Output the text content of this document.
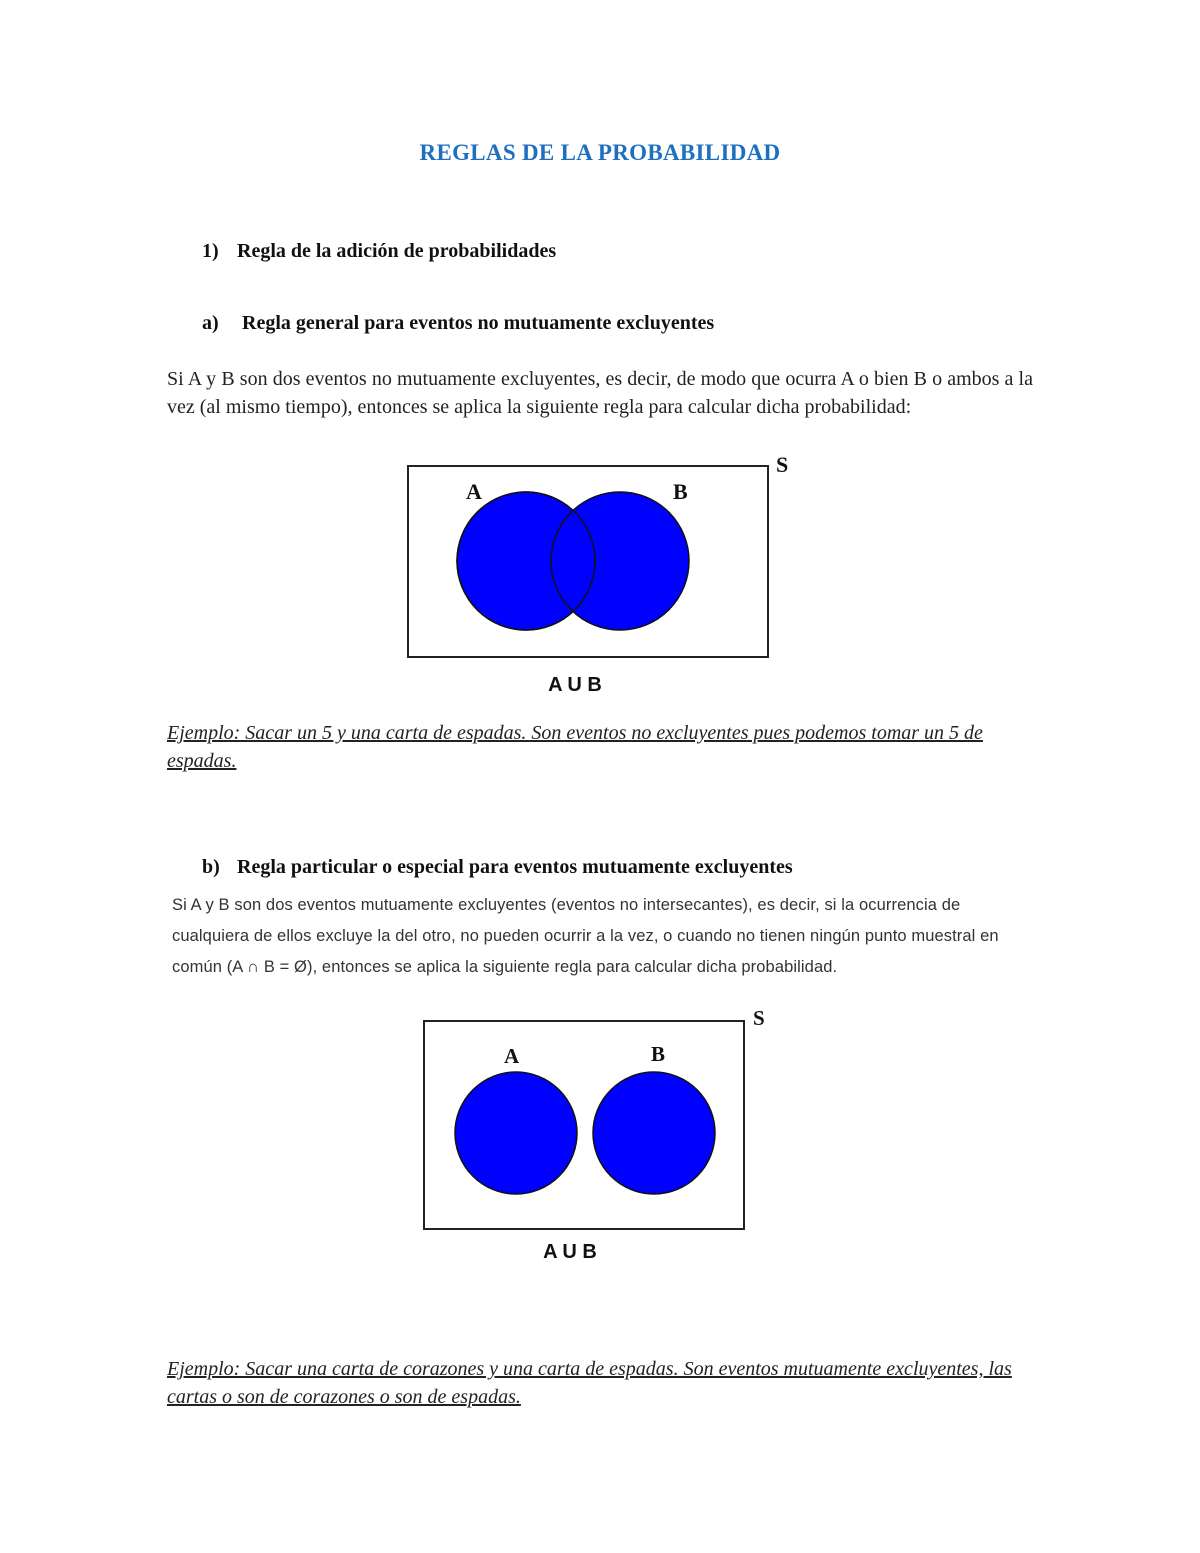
REGLAS DE LA PROBABILIDAD
1) Regla de la adición de probabilidades
a) Regla general para eventos no mutuamente excluyentes
Si A y B son dos eventos no mutuamente excluyentes, es decir, de modo que ocurra A o bien B o ambos a la vez (al mismo tiempo), entonces se aplica la siguiente regla para calcular dicha probabilidad:
A	B
S
A U B
Ejemplo: Sacar un 5 y una carta de espadas. Son eventos no excluyentes pues podemos tomar un 5 de espadas.
b) Regla particular o especial para eventos mutuamente excluyentes
Si A y B son dos eventos mutuamente excluyentes (eventos no intersecantes), es decir, si la ocurrencia de cualquiera de ellos excluye la del otro, no pueden ocurrir a la vez, o cuando no tienen ningún punto muestral en común (A ∩ B = Ø), entonces se aplica la siguiente regla para calcular dicha probabilidad.
A	B
S
A U B
Ejemplo: Sacar una carta de corazones y una carta de espadas. Son eventos mutuamente excluyentes, las cartas o son de corazones o son de espadas.
